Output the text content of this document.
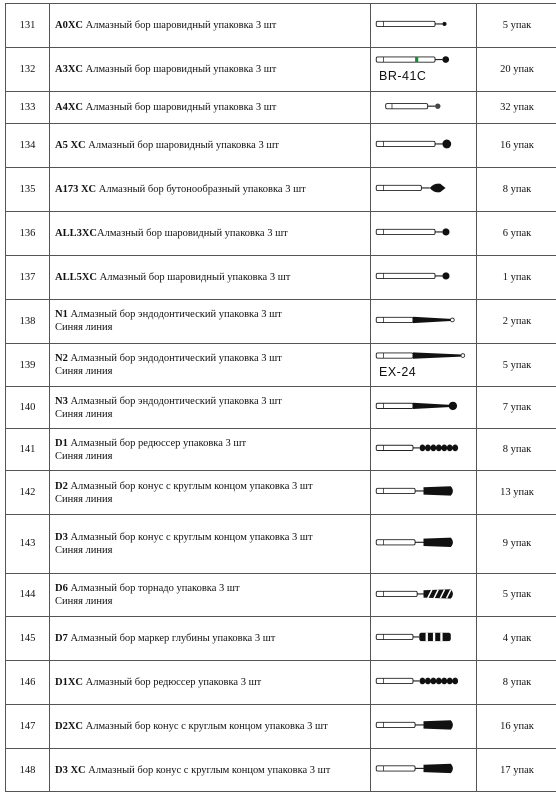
131	A0XC Алмазный бор шаровидный упаковка 3 шт		5 упак
132	A3XC Алмазный бор шаровидный упаковка 3 шт	BR-41C	20 упак
133	A4XC Алмазный бор шаровидный упаковка 3 шт		32 упак
134	A5 XC Алмазный бор шаровидный упаковка 3 шт		16 упак
135	A173 XC Алмазный бор бутонообразный упаковка 3 шт		8 упак
136	ALL3XCАлмазный бор шаровидный упаковка 3 шт		6 упак
137	ALL5XC Алмазный бор шаровидный упаковка 3 шт		1 упак
138	N1 Алмазный бор эндодонтический упаковка 3 шт
Синяя линия		2 упак
139	N2 Алмазный бор эндодонтический упаковка 3 шт
Синяя линия	EX-24	5 упак
140	N3 Алмазный бор эндодонтический упаковка 3 шт
Синяя линия		7 упак
141	D1 Алмазный бор редюссер упаковка 3 шт
Синяя линия		8 упак
142	D2 Алмазный бор конус с круглым концом упаковка 3 шт
Синяя линия		13 упак
143	D3 Алмазный бор конус с круглым концом упаковка 3 шт
Синяя линия		9 упак
144	D6 Алмазный бор торнадо упаковка 3 шт
Синяя линия		5 упак
145	D7 Алмазный бор маркер глубины упаковка 3 шт		4 упак
146	D1XC Алмазный бор редюссер упаковка 3 шт		8 упак
147	D2XC Алмазный бор конус с круглым концом упаковка 3 шт		16 упак
148	D3 XC Алмазный бор конус с круглым концом упаковка 3 шт		17 упак
